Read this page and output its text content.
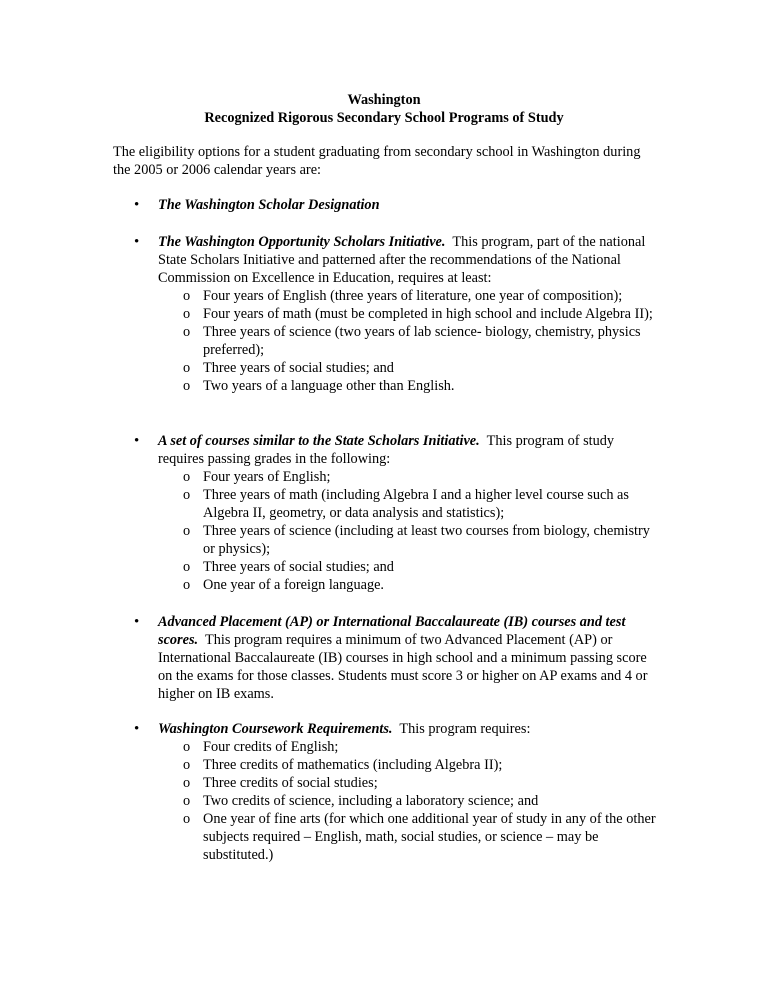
Washington
Recognized Rigorous Secondary School Programs of Study
The eligibility options for a student graduating from secondary school in Washington during the 2005 or 2006 calendar years are:
• The Washington Scholar Designation
• The Washington Opportunity Scholars Initiative. This program, part of the national State Scholars Initiative and patterned after the recommendations of the National Commission on Excellence in Education, requires at least:
o Four years of English (three years of literature, one year of composition);
o Four years of math (must be completed in high school and include Algebra II);
o Three years of science (two years of lab science- biology, chemistry, physics preferred);
o Three years of social studies; and
o Two years of a language other than English.
• A set of courses similar to the State Scholars Initiative. This program of study requires passing grades in the following:
o Four years of English;
o Three years of math (including Algebra I and a higher level course such as Algebra II, geometry, or data analysis and statistics);
o Three years of science (including at least two courses from biology, chemistry or physics);
o Three years of social studies; and
o One year of a foreign language.
• Advanced Placement (AP) or International Baccalaureate (IB) courses and test scores. This program requires a minimum of two Advanced Placement (AP) or International Baccalaureate (IB) courses in high school and a minimum passing score on the exams for those classes. Students must score 3 or higher on AP exams and 4 or higher on IB exams.
• Washington Coursework Requirements. This program requires:
o Four credits of English;
o Three credits of mathematics (including Algebra II);
o Three credits of social studies;
o Two credits of science, including a laboratory science; and
o One year of fine arts (for which one additional year of study in any of the other subjects required – English, math, social studies, or science – may be substituted.)
